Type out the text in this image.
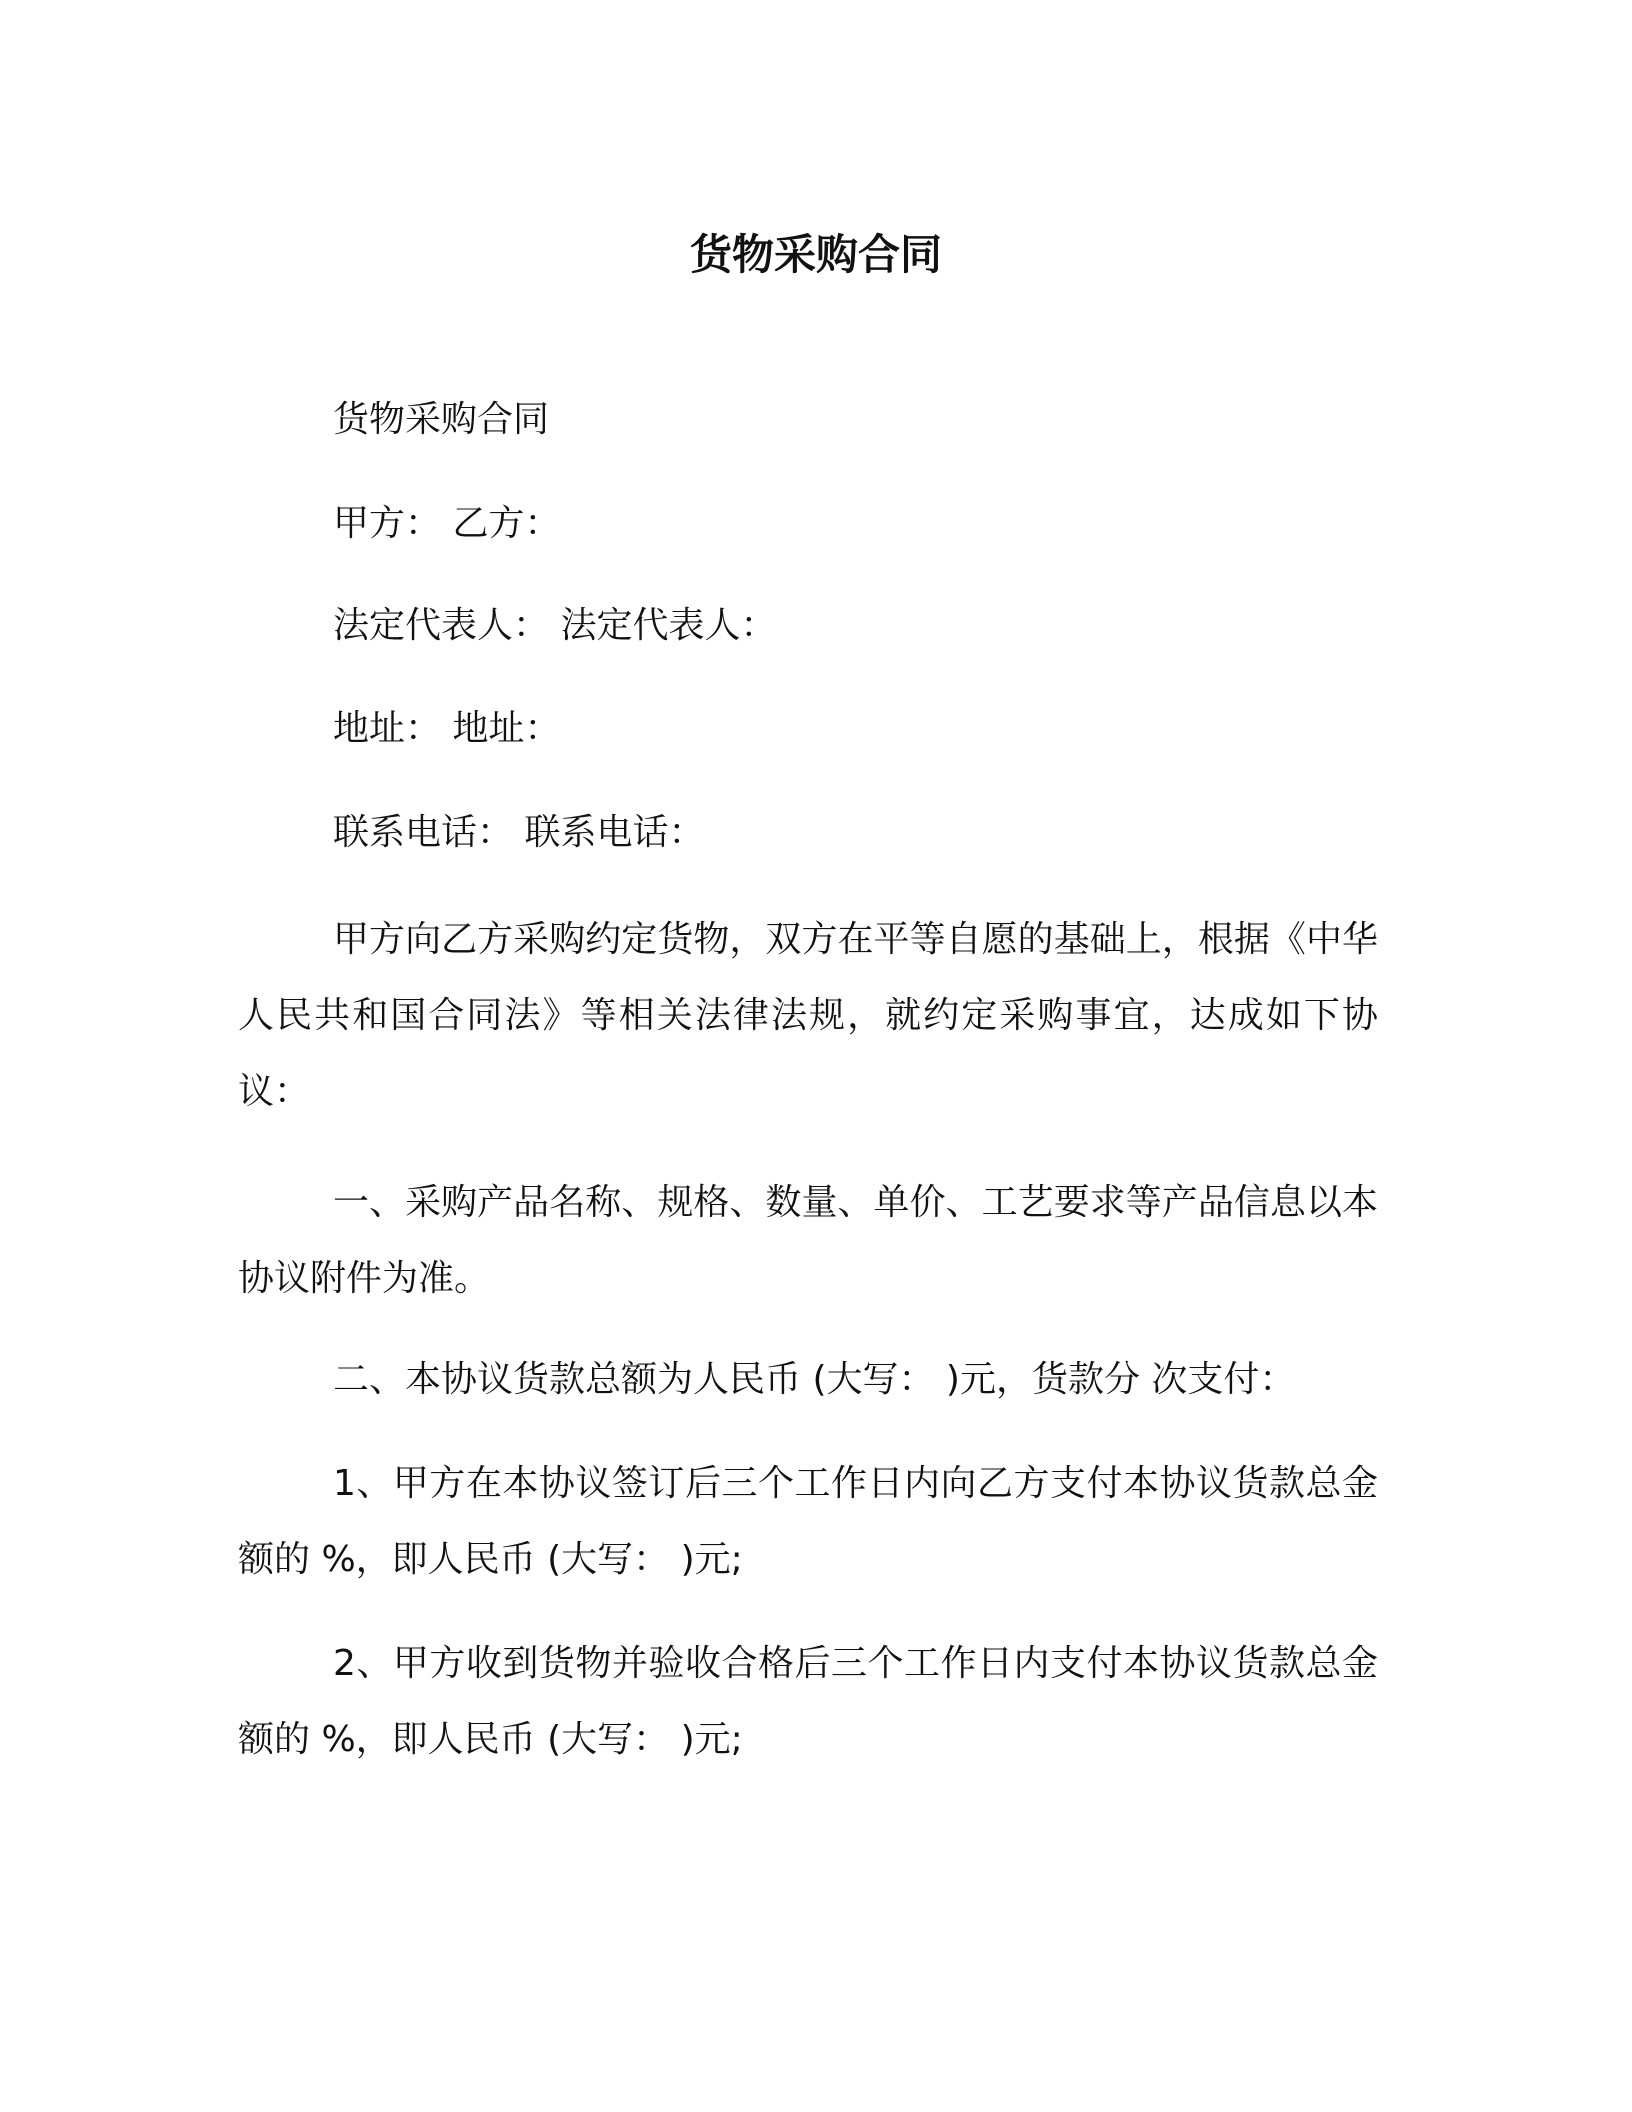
货物采购合同
货物采购合同
甲方： 乙方：
法定代表人： 法定代表人：
地址： 地址：
联系电话： 联系电话：
甲方向乙方采购约定货物，双方在平等自愿的基础上，根据《中华人民共和国合同法》等相关法律法规，就约定采购事宜，达成如下协议：
一、采购产品名称、规格、数量、单价、工艺要求等产品信息以本协议附件为准。
二、本协议货款总额为人民币 (大写： )元，货款分 次支付：
1、甲方在本协议签订后三个工作日内向乙方支付本协议货款总金额的 %，即人民币 (大写： )元;
2、甲方收到货物并验收合格后三个工作日内支付本协议货款总金额的 %，即人民币 (大写： )元;
